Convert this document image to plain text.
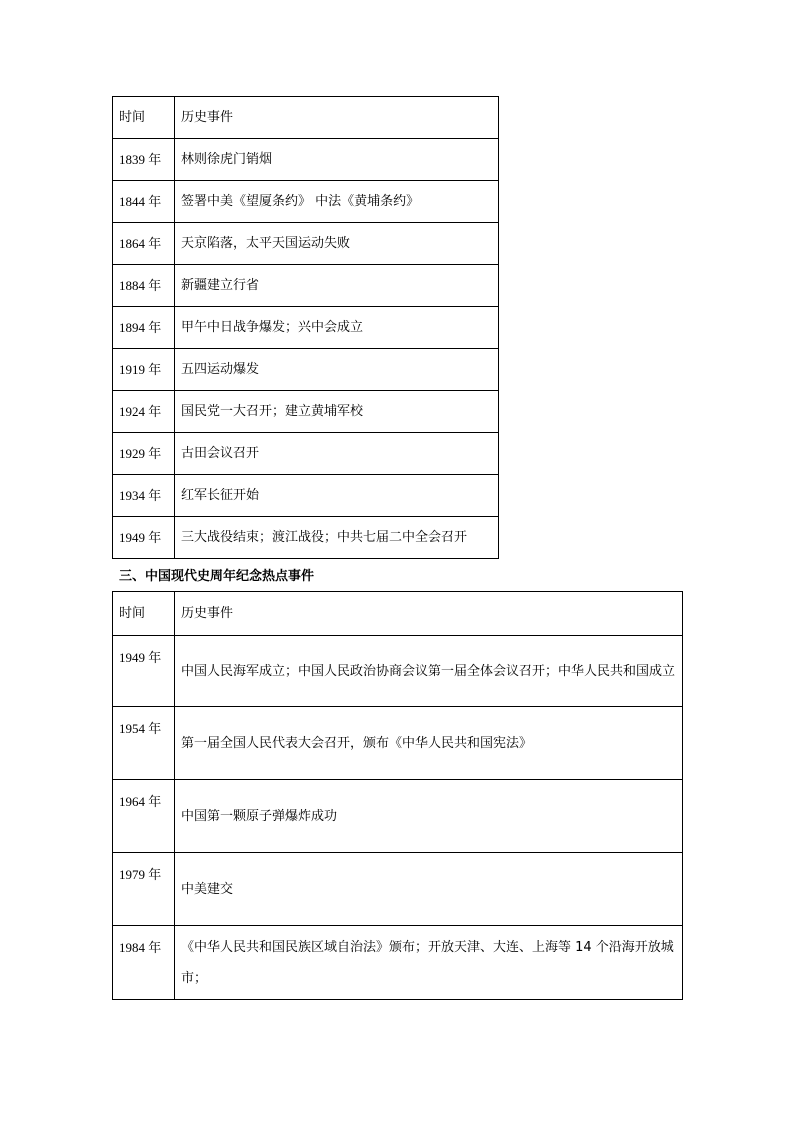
时间	历史事件
1839 年	林则徐虎门销烟
1844 年	签署中美《望厦条约》 中法《黄埔条约》
1864 年	天京陷落，太平天国运动失败
1884 年	新疆建立行省
1894 年	甲午中日战争爆发；兴中会成立
1919 年	五四运动爆发
1924 年	国民党一大召开；建立黄埔军校
1929 年	古田会议召开
1934 年	红军长征开始
1949 年	三大战役结束；渡江战役；中共七届二中全会召开
三、中国现代史周年纪念热点事件
时间	历史事件
1949 年	中国人民海军成立；中国人民政治协商会议第一届全体会议召开；中华人民共和国成立
1954 年	第一届全国人民代表大会召开，颁布《中华人民共和国宪法》
1964 年	中国第一颗原子弹爆炸成功
1979 年	中美建交
1984 年	《中华人民共和国民族区域自治法》颁布；开放天津、大连、上海等 14 个沿海开放城市；
